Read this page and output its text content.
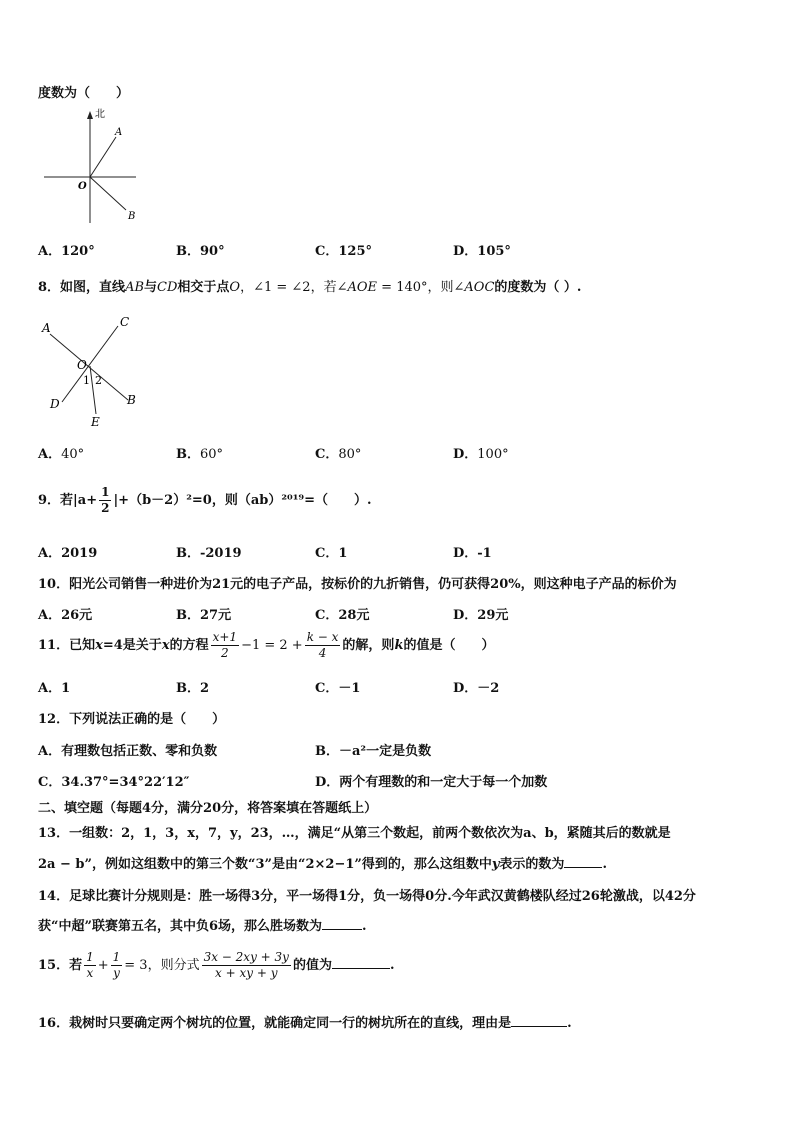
度数为（　　）
北
A
O
B
A．120°	B．90°	C．125°	D．105°
8．如图，直线AB与CD相交于点O，∠1 = ∠2，若∠AOE = 140°，则∠AOC的度数为（ ）.
A	C
O
1 2
D
E
B
A．40°	B．60°	C．80°	D．100°
9．若$|a+ \frac{1}{2} |+(b-2)^2=0$，则（ab）²⁰¹⁹=（　　）.
A．2019	B．-2019	C．1	D．-1
10．阳光公司销售一种进价为21元的电子产品，按标价的九折销售，仍可获得20%，则这种电子产品的标价为
A．26元	B．27元	C．28元	D．29元
11．已知x=4是关于x的方程 $\frac{x+1}{2} -1 = 2 + \frac{k - x}{4}$ 的解，则k的值是（　　）
A．1	B．2	C．－1	D．－2
12．下列说法正确的是（　　）
A．有理数包括正数、零和负数	B．－a²一定是负数
C．34.37°=34°22′12″	D．两个有理数的和一定大于每一个加数
二、填空题（每题4分，满分20分，将答案填在答题纸上）
13．一组数：2，1，3，x，7，y，23，…，满足“从第三个数起，前两个数依次为a、b，紧随其后的数就是
2a − b”，例如这组数中的第三个数“3”是由“2×2−1”得到的，那么这组数中y表示的数为	.
14．足球比赛计分规则是：胜一场得3分，平一场得1分，负一场得0分.今年武汉黄鹤楼队经过26轮激战，以42分
获“中超”联赛第五名，其中负6场，那么胜场数为	.
15．若 $\frac{1}{x} + \frac{1}{y} = 3$，则分式 $\frac{3x - 2xy + 3y}{x + xy + y}$ 的值为	.
16．栽树时只要确定两个树坑的位置，就能确定同一行的树坑所在的直线，理由是	.
